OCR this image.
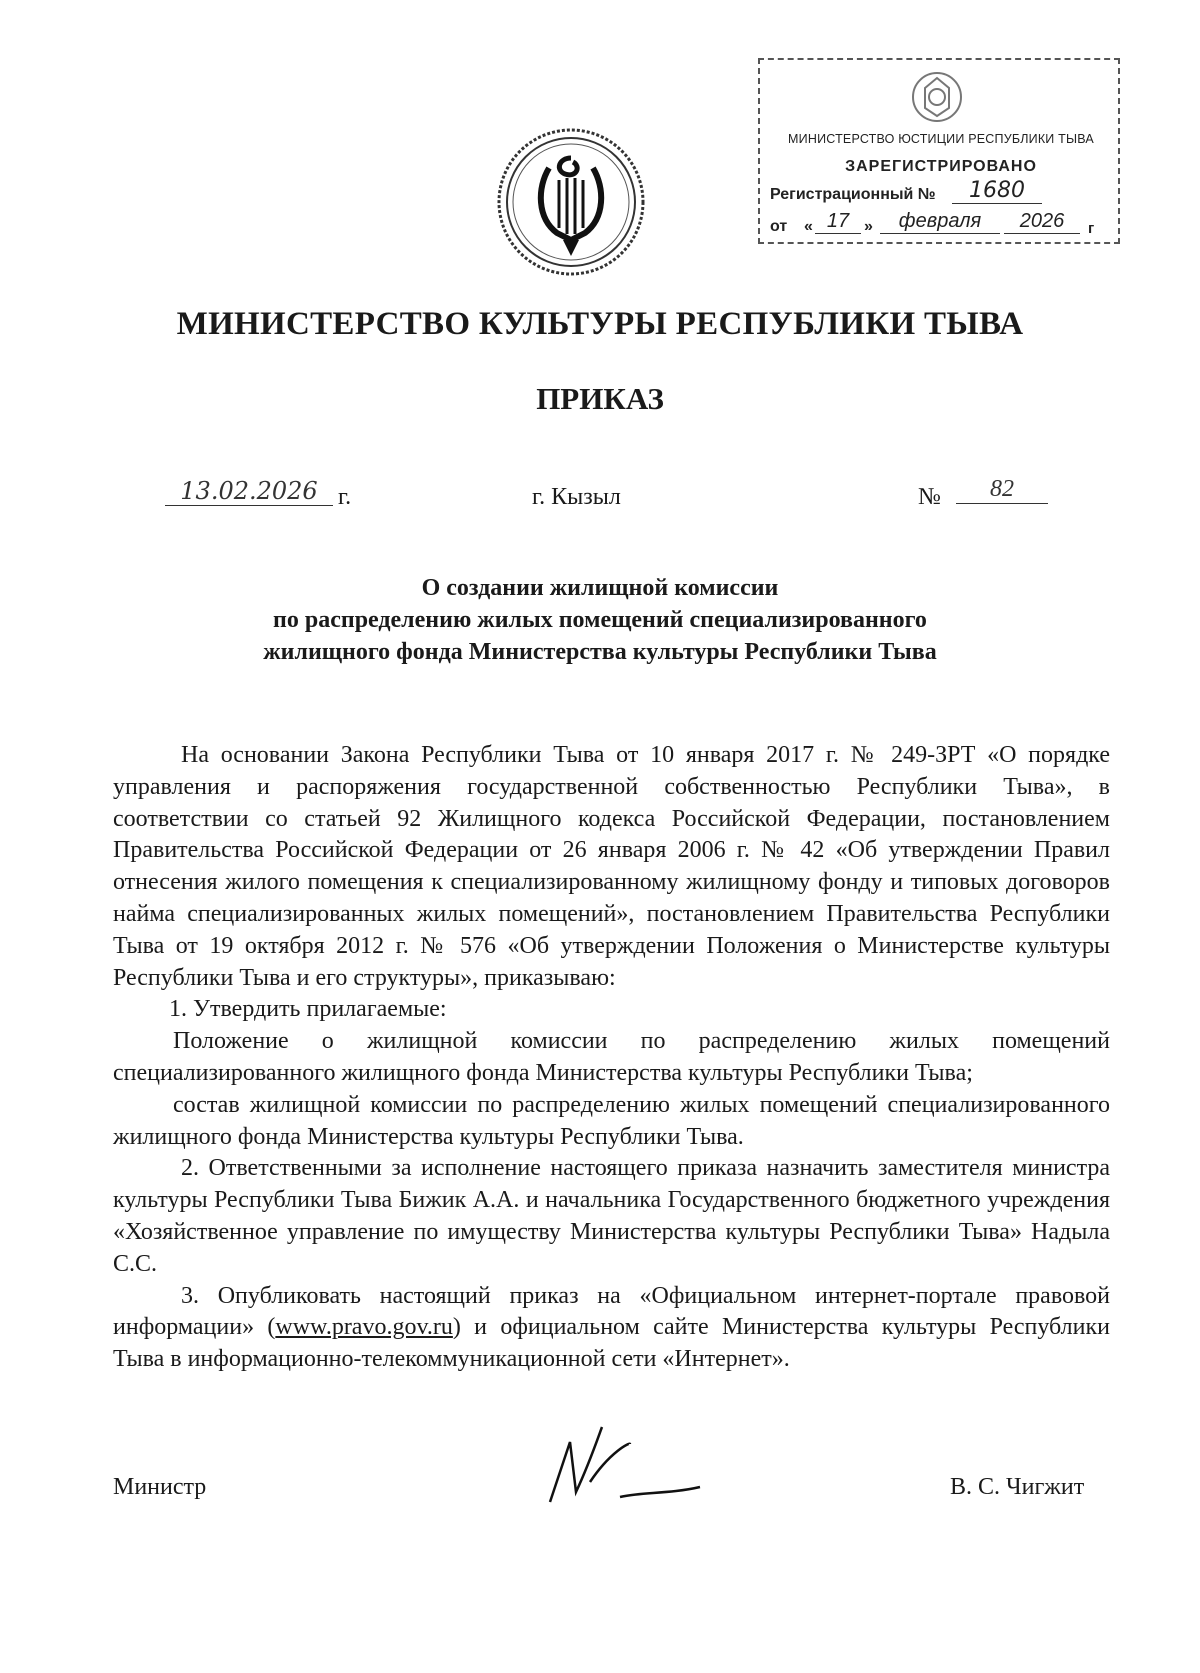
МИНИСТЕРСТВО ЮСТИЦИИ РЕСПУБЛИКИ ТЫВА
ЗАРЕГИСТРИРОВАНО
Регистрационный №	1680
от « 17 »	февраля	2026	г
МИНИСТЕРСТВО КУЛЬТУРЫ РЕСПУБЛИКИ ТЫВА
ПРИКАЗ
13.02.2026 г.	г. Кызыл	№	82
О создании жилищной комиссии
по распределению жилых помещений специализированного
жилищного фонда Министерства культуры Республики Тыва

На основании Закона Республики Тыва от 10 января 2017 г. № 249-ЗРТ «О порядке управления и распоряжения государственной собственностью Республики Тыва», в соответствии со статьей 92 Жилищного кодекса Российской Федерации, постановлением Правительства Российской Федерации от 26 января 2006 г. № 42 «Об утверждении Правил отнесения жилого помещения к специализированному жилищному фонду и типовых договоров найма специализированных жилых помещений», постановлением Правительства Республики Тыва от 19 октября 2012 г. № 576 «Об утверждении Положения о Министерстве культуры Республики Тыва и его структуры», приказываю:

1. Утвердить прилагаемые:

Положение о жилищной комиссии по распределению жилых помещений специализированного жилищного фонда Министерства культуры Республики Тыва;

состав жилищной комиссии по распределению жилых помещений специализированного жилищного фонда Министерства культуры Республики Тыва.

2. Ответственными за исполнение настоящего приказа назначить заместителя министра культуры Республики Тыва Бижик А.А. и начальника Государственного бюджетного учреждения «Хозяйственное управление по имуществу Министерства культуры Республики Тыва» Надыла С.С.

3. Опубликовать настоящий приказ на «Официальном интернет-портале правовой информации» (www.pravo.gov.ru) и официальном сайте Министерства культуры Республики Тыва в информационно-телекоммуникационной сети «Интернет».

Министр	В. С. Чигжит
